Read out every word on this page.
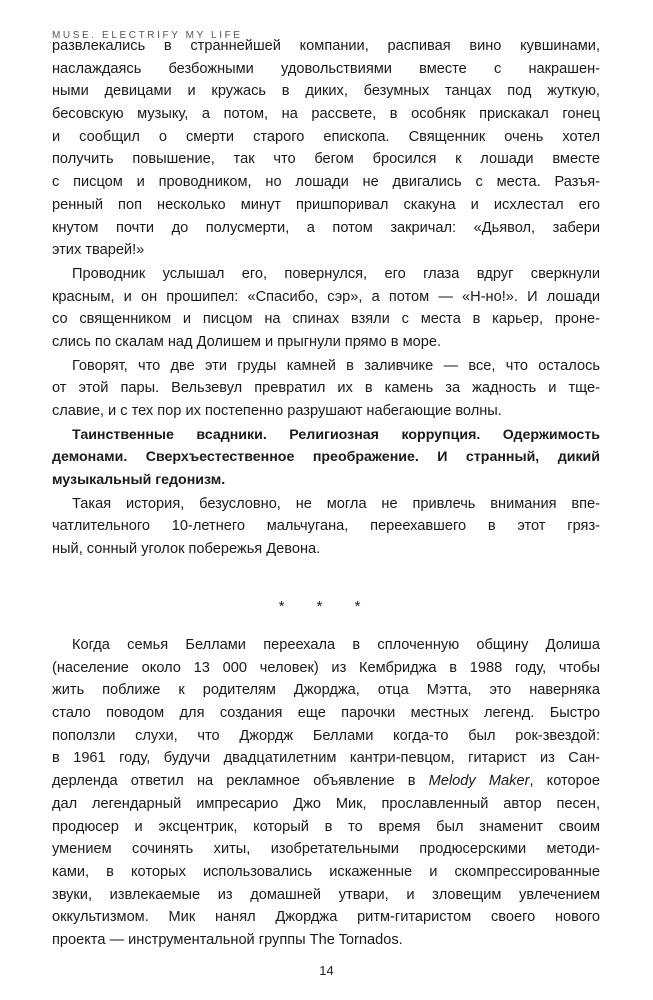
MUSE. ELECTRIFY MY LIFE
развлекались в страннейшей компании, распивая вино кувшинами,
наслаждаясь безбожными удовольствиями вместе с накрашен-
ными девицами и кружась в диких, безумных танцах под жуткую,
бесовскую музыку, а потом, на рассвете, в особняк прискакал гонец
и сообщил о смерти старого епископа. Священник очень хотел
получить повышение, так что бегом бросился к лошади вместе
с писцом и проводником, но лошади не двигались с места. Разъя-
ренный поп несколько минут пришпоривал скакуна и исхлестал его
кнутом почти до полусмерти, а потом закричал: «Дьявол, забери
этих тварей!»
Проводник услышал его, повернулся, его глаза вдруг сверкнули
красным, и он прошипел: «Спасибо, сэр», а потом — «Н-но!». И лошади
со священником и писцом на спинах взяли с места в карьер, проне-
слись по скалам над Долишем и прыгнули прямо в море.
Говорят, что две эти груды камней в заливчике — все, что осталось
от этой пары. Вельзевул превратил их в камень за жадность и тще-
славие, и с тех пор их постепенно разрушают набегающие волны.
Таинственные всадники. Религиозная коррупция. Одержимость
демонами. Сверхъестественное преображение. И странный, дикий
музыкальный гедонизм.
Такая история, безусловно, не могла не привлечь внимания впе-
чатлительного 10-летнего мальчугана, переехавшего в этот гряз-
ный, сонный уголок побережья Девона.
* * *
Когда семья Беллами переехала в сплоченную общину Долиша
(население около 13 000 человек) из Кембриджа в 1988 году, чтобы
жить поближе к родителям Джорджа, отца Мэтта, это наверняка
стало поводом для создания еще парочки местных легенд. Быстро
поползли слухи, что Джордж Беллами когда-то был рок-звездой:
в 1961 году, будучи двадцатилетним кантри-певцом, гитарист из Сан-
дерленда ответил на рекламное объявление в Melody Maker, которое
дал легендарный импресарио Джо Мик, прославленный автор песен,
продюсер и эксцентрик, который в то время был знаменит своим
умением сочинять хиты, изобретательными продюсерскими методи-
ками, в которых использовались искаженные и скомпрессированные
звуки, извлекаемые из домашней утвари, и зловещим увлечением
оккультизмом. Мик нанял Джорджа ритм-гитаристом своего нового
проекта — инструментальной группы The Tornados.
14
